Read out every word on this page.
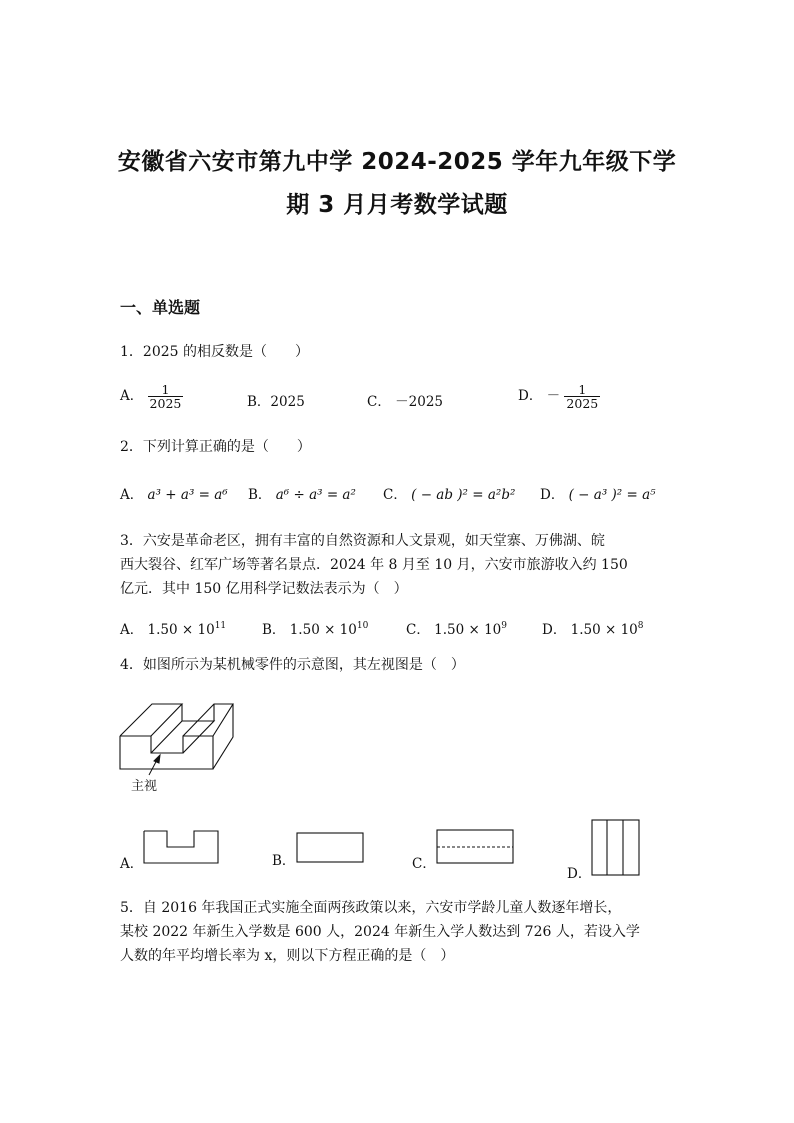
安徽省六安市第九中学 2024-2025 学年九年级下学
期 3 月月考数学试题
一、单选题
1．2025 的相反数是（　　）
A． $\frac{1}{2025}$	B．2025	C． －2025	D． － $\frac{1}{2025}$
2．下列计算正确的是（　　）
A． a³ + a³ = a⁶ B． a⁶ ÷ a³ = a² C． ( − ab )² = a²b² D． ( − a³ )² = a⁵
3．六安是革命老区，拥有丰富的自然资源和人文景观，如天堂寨、万佛湖、皖
西大裂谷、红军广场等著名景点．2024 年 8 月至 10 月，六安市旅游收入约 150
亿元．其中 150 亿用科学记数法表示为（　）
A． $1.50 \times 10^{11}$	B． $1.50 \times 10^{10}$	C． $1.50 \times 10^9$	D． $1.50 \times 10^8$
4．如图所示为某机械零件的示意图，其左视图是（　）
主视
A．	B．	C．
D．
5．自 2016 年我国正式实施全面两孩政策以来，六安市学龄儿童人数逐年增长，
某校 2022 年新生入学数是 600 人，2024 年新生入学人数达到 726 人，若设入学
人数的年平均增长率为 x，则以下方程正确的是（　）
